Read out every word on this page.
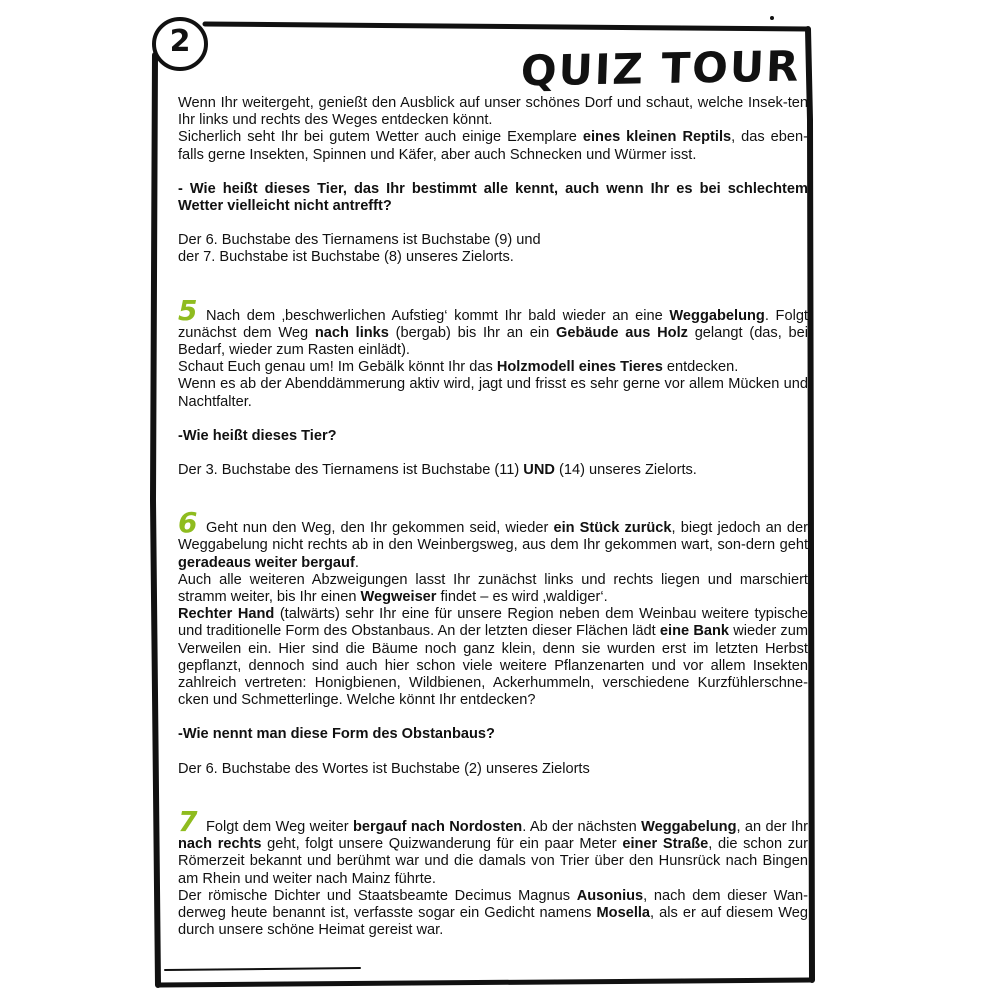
2
QUIZ TOUR

Wenn Ihr weitergeht, genießt den Ausblick auf unser schönes Dorf und schaut, welche Insek-ten Ihr links und rechts des Weges entdecken könnt.

Sicherlich seht Ihr bei gutem Wetter auch einige Exemplare eines kleinen Reptils, das eben-falls gerne Insekten, Spinnen und Käfer, aber auch Schnecken und Würmer isst.

- Wie heißt dieses Tier, das Ihr bestimmt alle kennt, auch wenn Ihr es bei schlechtem Wetter vielleicht nicht antrefft?

Der 6. Buchstabe des Tiernamens ist Buchstabe (9) und
der 7. Buchstabe ist Buchstabe (8) unseres Zielorts.

5 Nach dem ‚beschwerlichen Aufstieg‘ kommt Ihr bald wieder an eine Weggabelung. Folgt zunächst dem Weg nach links (bergab) bis Ihr an ein Gebäude aus Holz gelangt (das, bei Bedarf, wieder zum Rasten einlädt).

Schaut Euch genau um! Im Gebälk könnt Ihr das Holzmodell eines Tieres entdecken.

Wenn es ab der Abenddämmerung aktiv wird, jagt und frisst es sehr gerne vor allem Mücken und Nachtfalter.

-Wie heißt dieses Tier?

Der 3. Buchstabe des Tiernamens ist Buchstabe (11) UND (14) unseres Zielorts.

6 Geht nun den Weg, den Ihr gekommen seid, wieder ein Stück zurück, biegt jedoch an der Weggabelung nicht rechts ab in den Weinbergsweg, aus dem Ihr gekommen wart, son-dern geht geradeaus weiter bergauf.

Auch alle weiteren Abzweigungen lasst Ihr zunächst links und rechts liegen und marschiert stramm weiter, bis Ihr einen Wegweiser findet – es wird ‚waldiger‘.

Rechter Hand (talwärts) sehr Ihr eine für unsere Region neben dem Weinbau weitere typische und traditionelle Form des Obstanbaus. An der letzten dieser Flächen lädt eine Bank wieder zum Verweilen ein. Hier sind die Bäume noch ganz klein, denn sie wurden erst im letzten Herbst gepflanzt, dennoch sind auch hier schon viele weitere Pflanzenarten und vor allem Insekten zahlreich vertreten: Honigbienen, Wildbienen, Ackerhummeln, verschiedene Kurzfühlerschne-cken und Schmetterlinge. Welche könnt Ihr entdecken?

-Wie nennt man diese Form des Obstanbaus?

Der 6. Buchstabe des Wortes ist Buchstabe (2) unseres Zielorts

7 Folgt dem Weg weiter bergauf nach Nordosten. Ab der nächsten Weggabelung, an der Ihr nach rechts geht, folgt unsere Quizwanderung für ein paar Meter einer Straße, die schon zur Römerzeit bekannt und berühmt war und die damals von Trier über den Hunsrück nach Bingen am Rhein und weiter nach Mainz führte.

Der römische Dichter und Staatsbeamte Decimus Magnus Ausonius, nach dem dieser Wan-derweg heute benannt ist, verfasste sogar ein Gedicht namens Mosella, als er auf diesem Weg durch unsere schöne Heimat gereist war.
